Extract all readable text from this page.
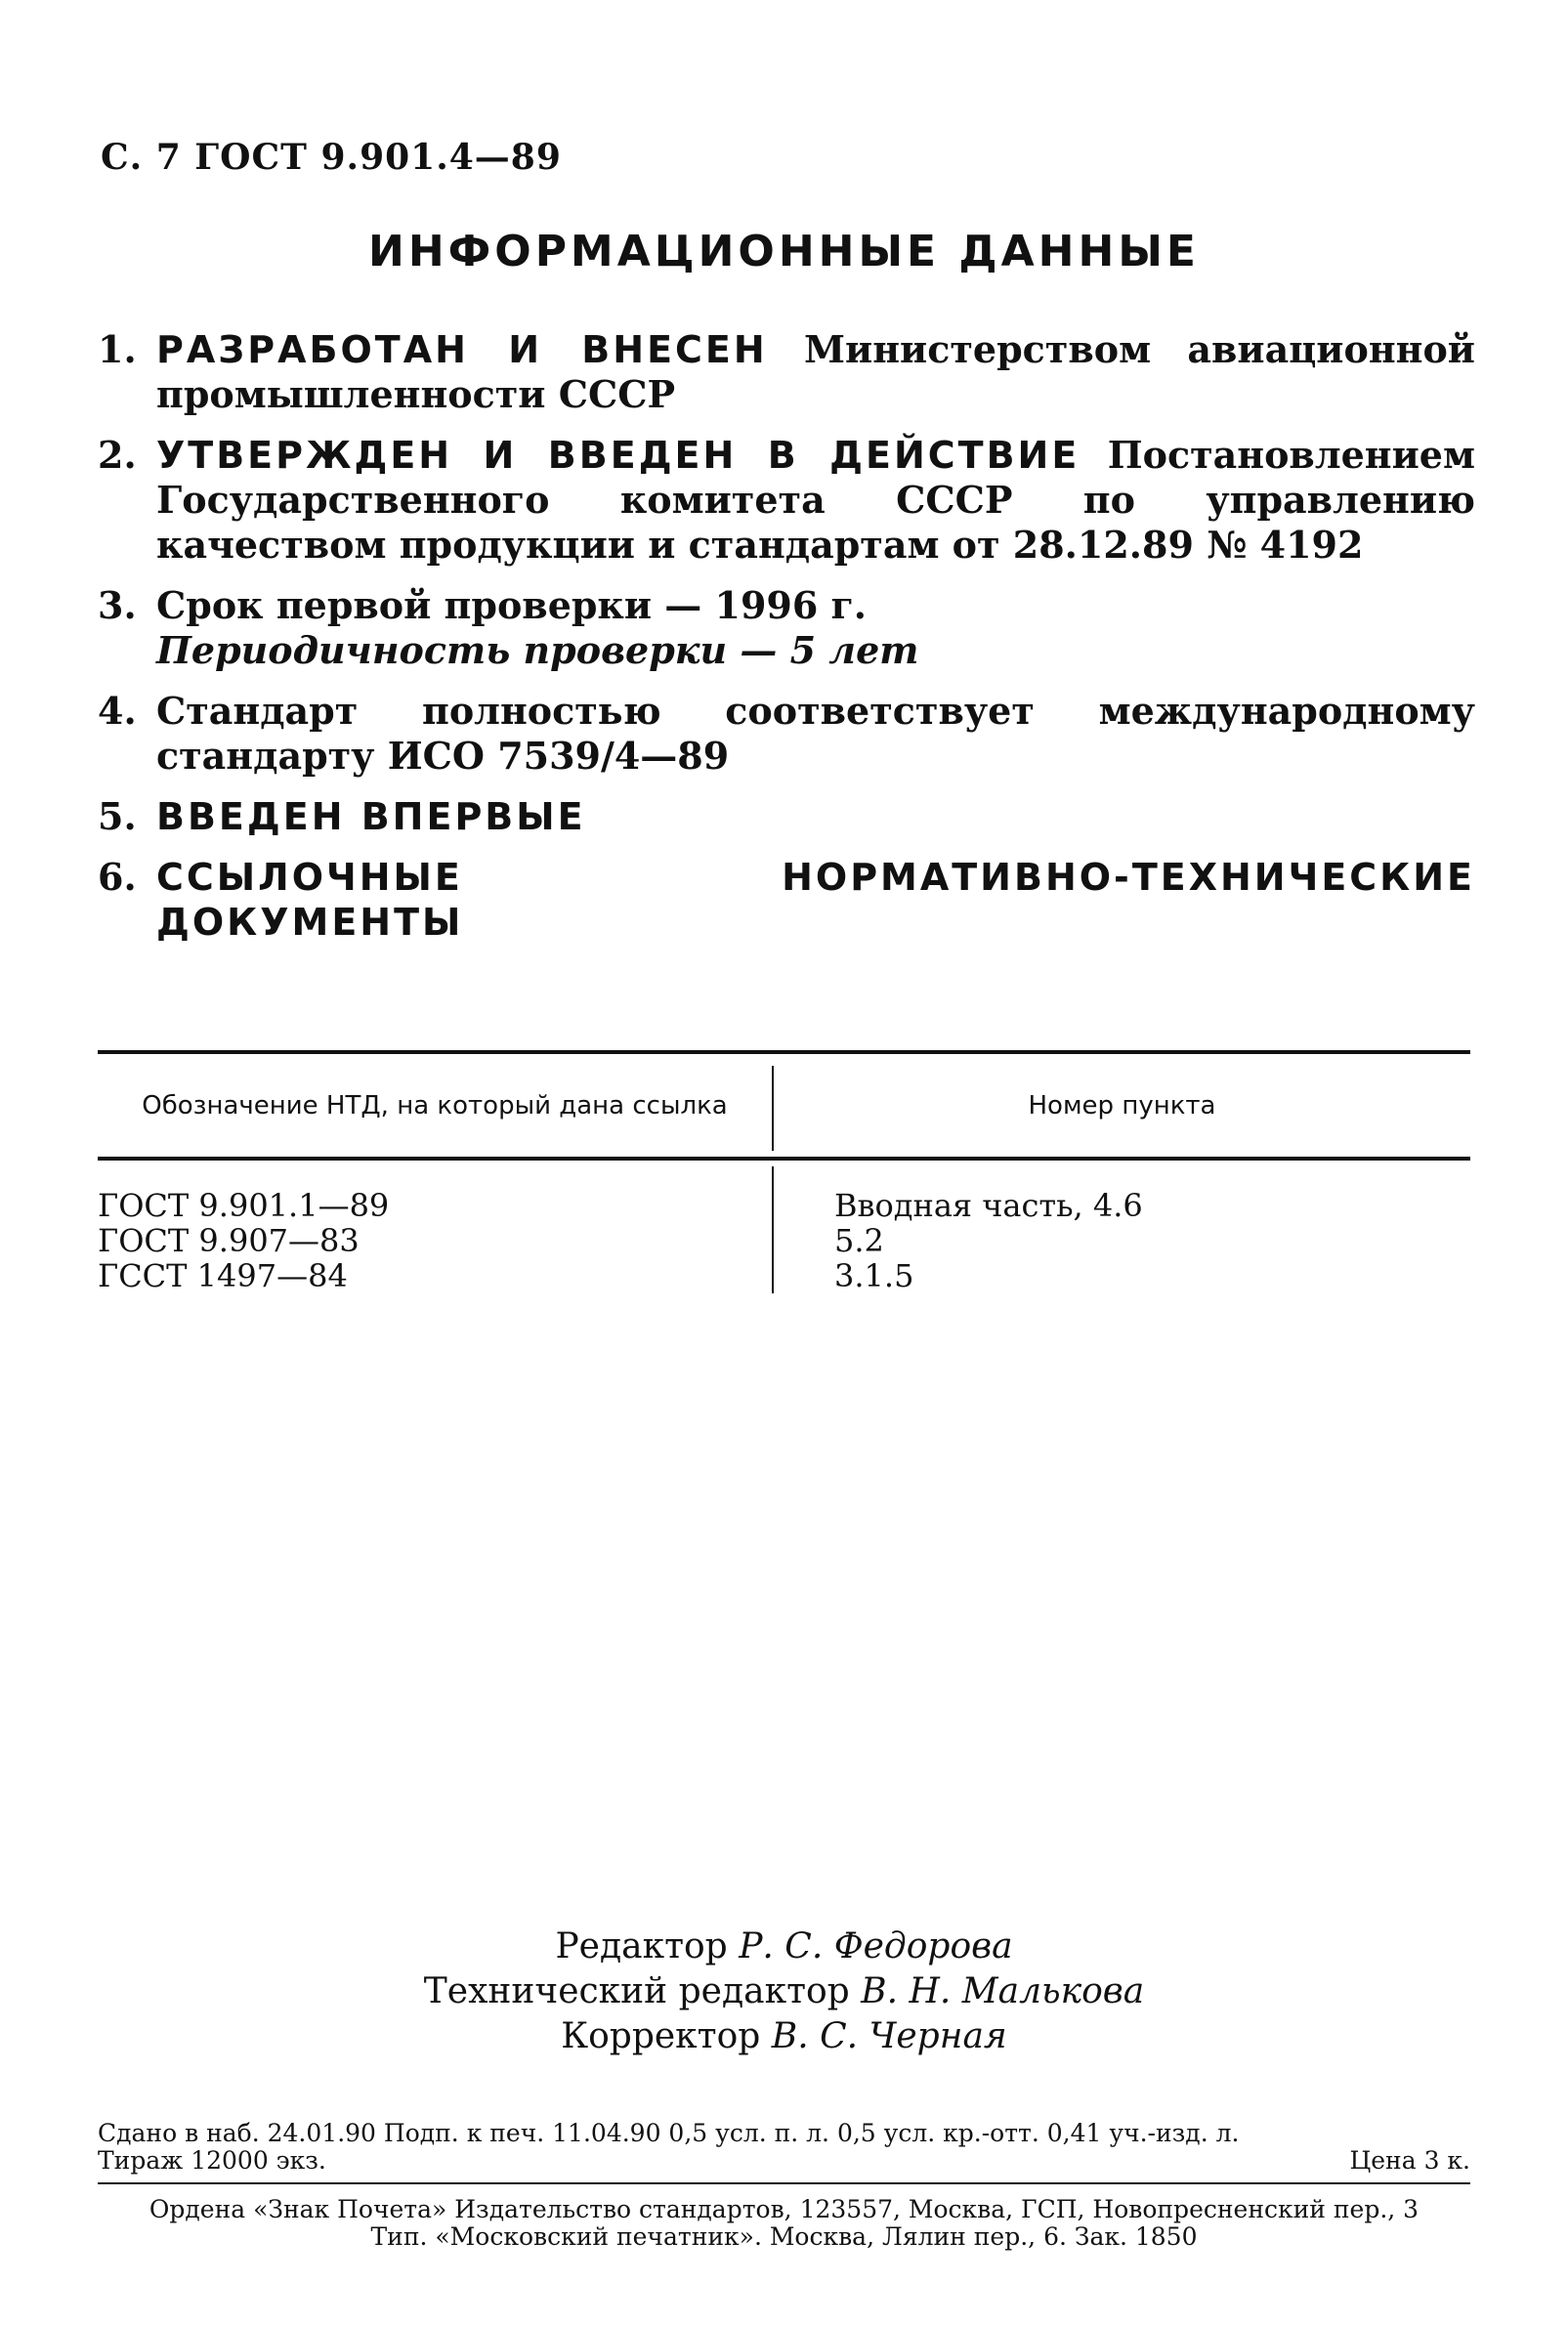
С. 7 ГОСТ 9.901.4—89
ИНФОРМАЦИОННЫЕ ДАННЫЕ
1. РАЗРАБОТАН И ВНЕСЕН Министерством авиационной промышленности СССР
2. УТВЕРЖДЕН И ВВЕДЕН В ДЕЙСТВИЕ Постановлением Государственного комитета СССР по управлению качеством продукции и стандартам от 28.12.89 № 4192
3. Срок первой проверки — 1996 г.
Периодичность проверки — 5 лет
4. Стандарт полностью соответствует международному стандарту ИСО 7539/4—89
5. ВВЕДЕН ВПЕРВЫЕ
6. ССЫЛОЧНЫЕ НОРМАТИВНО-ТЕХНИЧЕСКИЕ ДОКУМЕНТЫ
Обозначение НТД, на который дана ссылка	Номер пункта
ГОСТ 9.901.1—89
ГОСТ 9.907—83
ГССТ 1497—84
Вводная часть, 4.6
5.2
3.1.5
Редактор Р. С. Федорова
Технический редактор В. Н. Малькова
Корректор В. С. Черная
Сдано в наб. 24.01.90 Подп. к печ. 11.04.90 0,5 усл. п. л. 0,5 усл. кр.-отт. 0,41 уч.-изд. л.
Тираж 12000 экз.	Цена 3 к.
Ордена «Знак Почета» Издательство стандартов, 123557, Москва, ГСП, Новопресненский пер., 3
Тип. «Московский печатник». Москва, Лялин пер., 6. Зак. 1850
